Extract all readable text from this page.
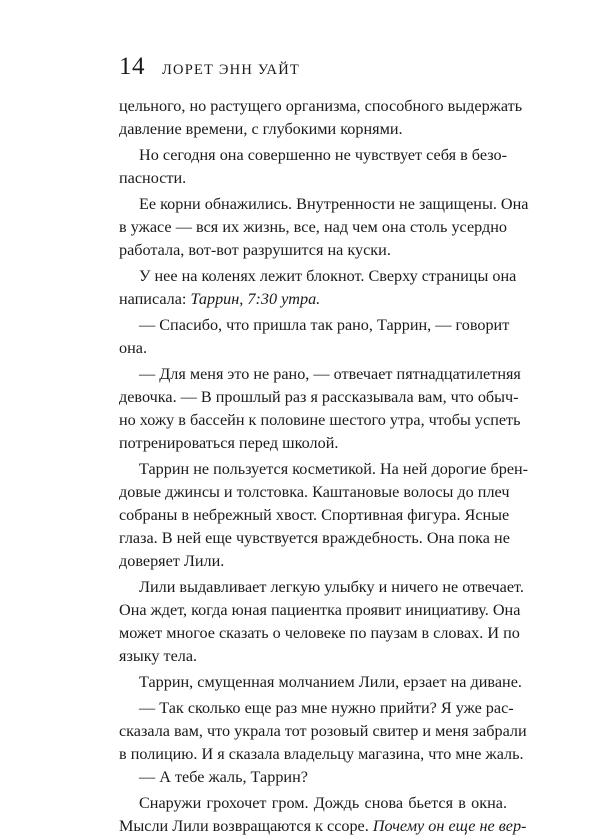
14 ЛОРЕТ ЭНН УАЙТ
цельного, но растущего организма, способного выдержать
давление времени, с глубокими корнями.
Но сегодня она совершенно не чувствует себя в безо-
пасности.
Ее корни обнажились. Внутренности не защищены. Она
в ужасе — вся их жизнь, все, над чем она столь усердно
работала, вот-вот разрушится на куски.
У нее на коленях лежит блокнот. Сверху страницы она
написала: Таррин, 7:30 утра.
— Спасибо, что пришла так рано, Таррин, — говорит
она.
— Для меня это не рано, — отвечает пятнадцатилетняя
девочка. — В прошлый раз я рассказывала вам, что обыч-
но хожу в бассейн к половине шестого утра, чтобы успеть
потренироваться перед школой.
Таррин не пользуется косметикой. На ней дорогие брен-
довые джинсы и толстовка. Каштановые волосы до плеч
собраны в небрежный хвост. Спортивная фигура. Ясные
глаза. В ней еще чувствуется враждебность. Она пока не
доверяет Лили.
Лили выдавливает легкую улыбку и ничего не отвечает.
Она ждет, когда юная пациентка проявит инициативу. Она
может многое сказать о человеке по паузам в словах. И по
языку тела.
Таррин, смущенная молчанием Лили, ерзает на диване.
— Так сколько еще раз мне нужно прийти? Я уже рас-
сказала вам, что украла тот розовый свитер и меня забрали
в полицию. И я сказала владельцу магазина, что мне жаль.
— А тебе жаль, Таррин?
Снаружи грохочет гром. Дождь снова бьется в окна.
Мысли Лили возвращаются к ссоре. Почему он еще не вер-
